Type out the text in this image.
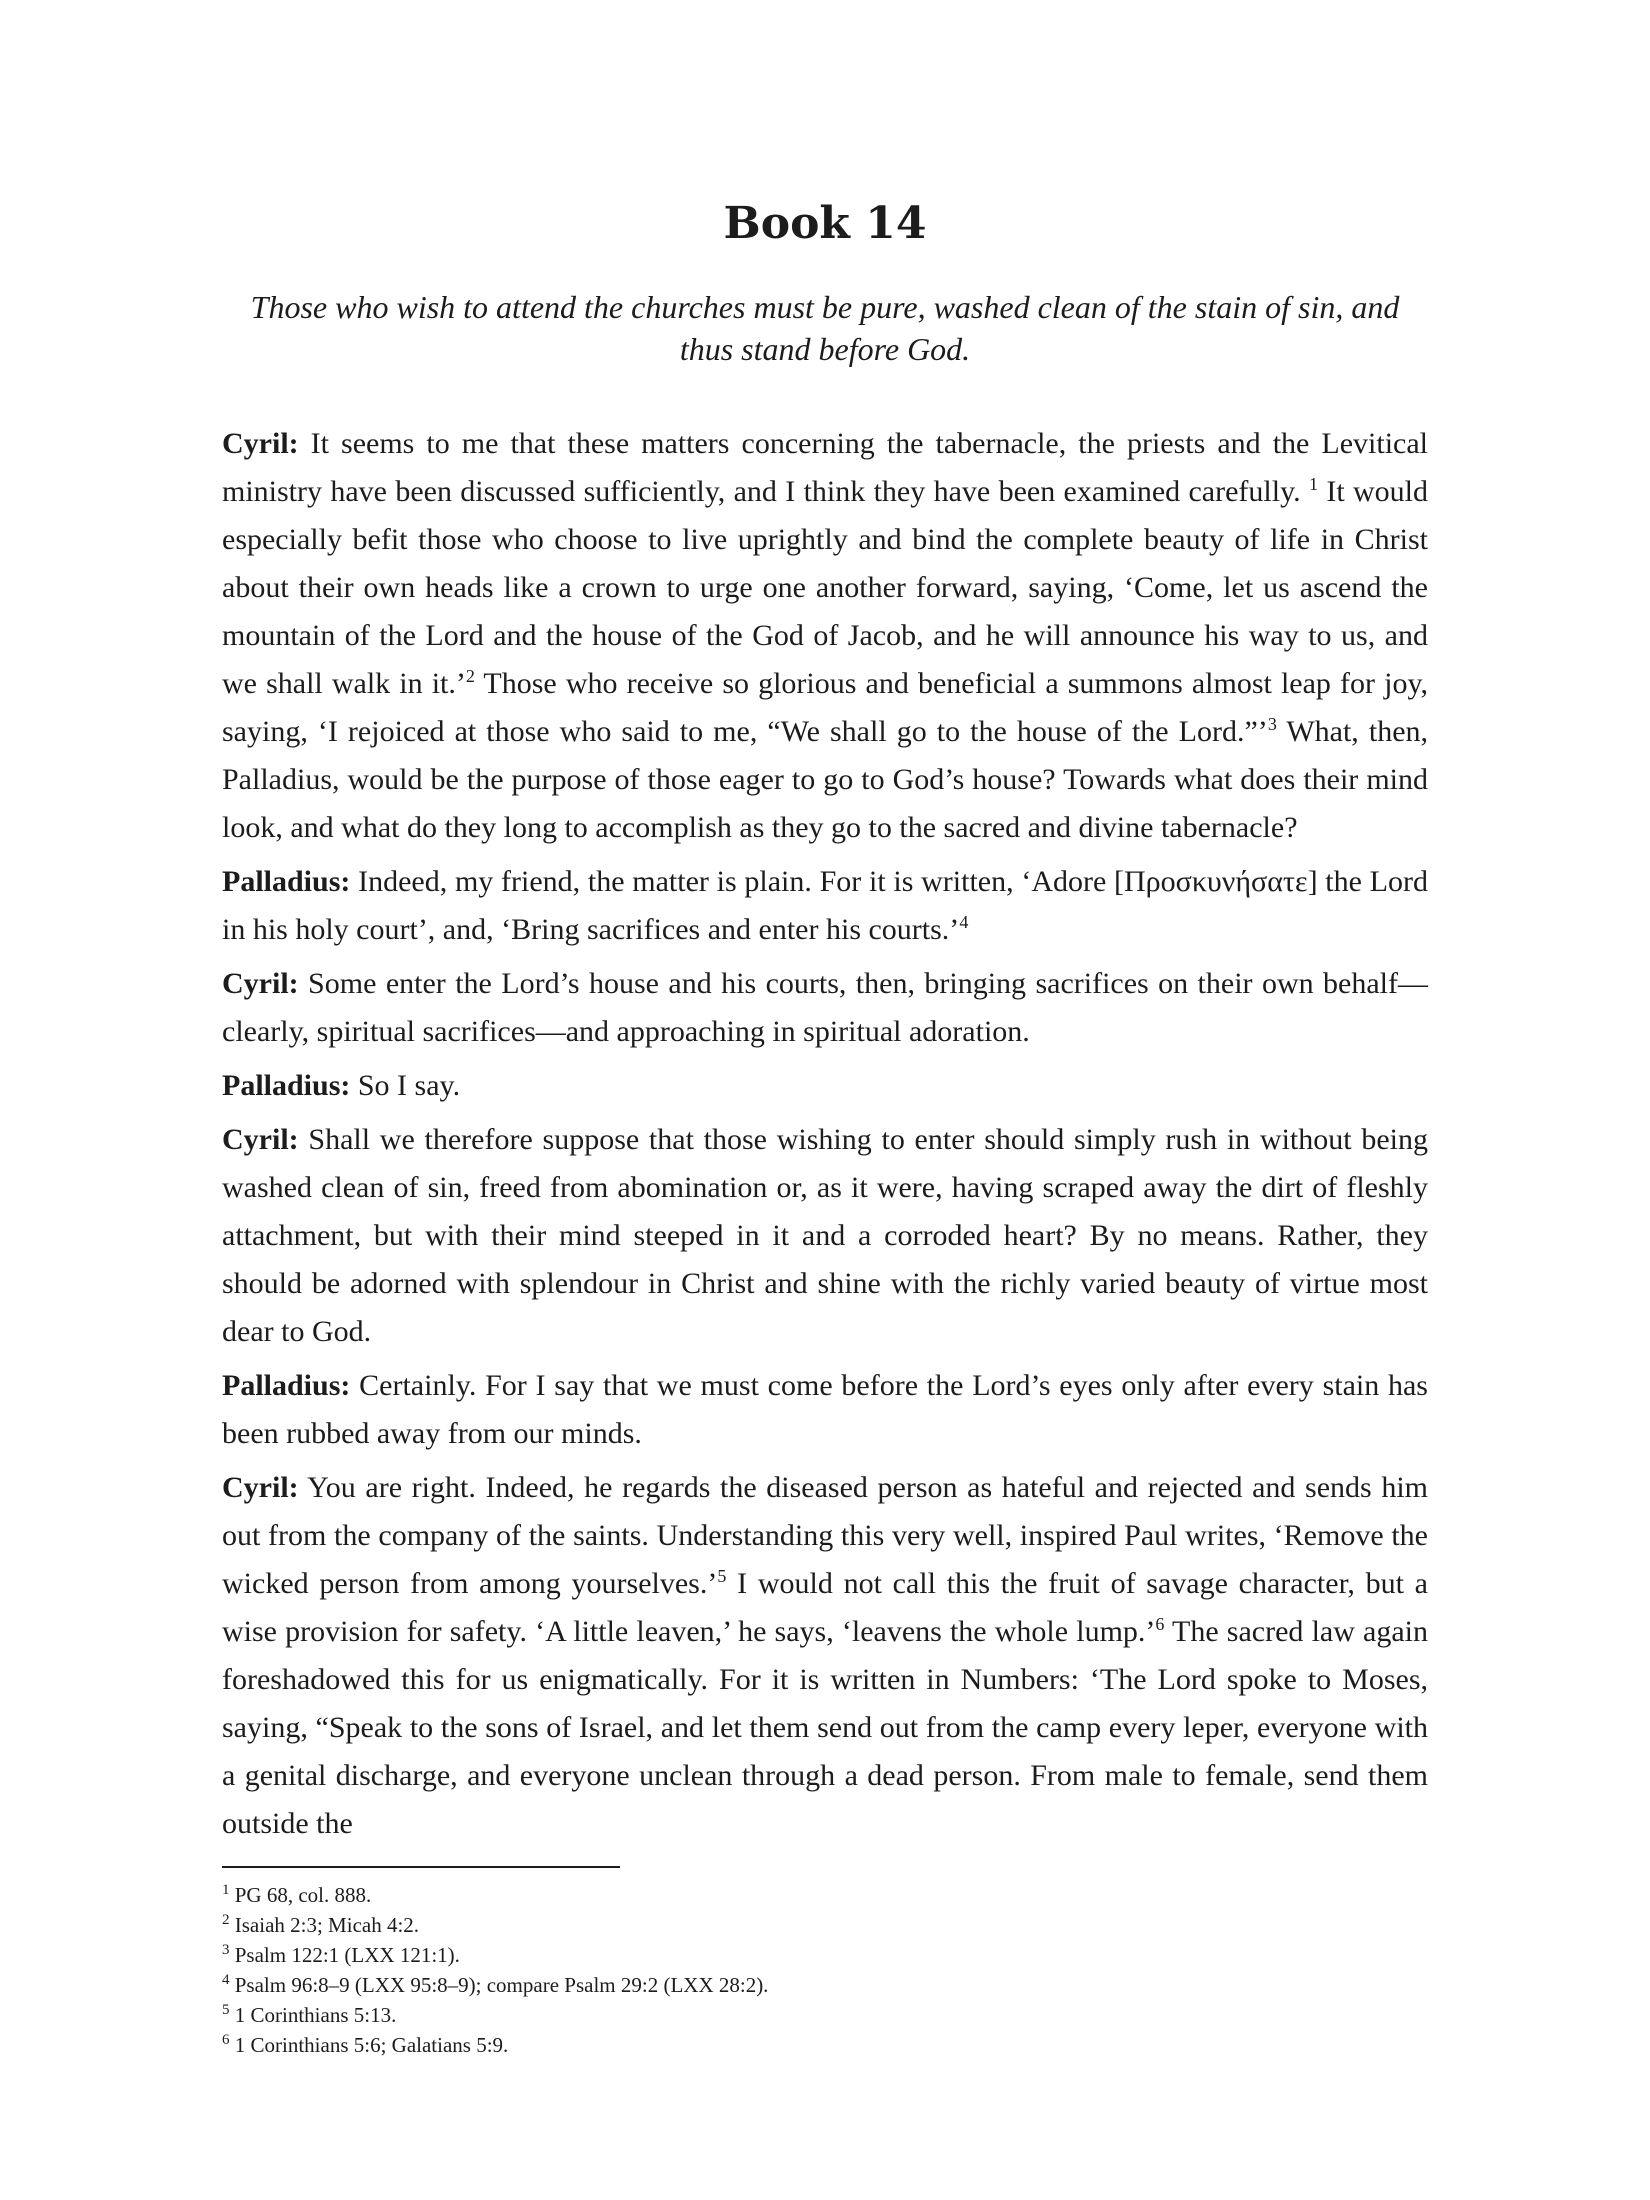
Book 14

Those who wish to attend the churches must be pure, washed clean of the stain of sin, and thus stand before God.

Cyril: It seems to me that these matters concerning the tabernacle, the priests and the Levitical ministry have been discussed sufficiently, and I think they have been examined carefully. $^1$ It would especially befit those who choose to live uprightly and bind the complete beauty of life in Christ about their own heads like a crown to urge one another forward, saying, ‘Come, let us ascend the mountain of the Lord and the house of the God of Jacob, and he will announce his way to us, and we shall walk in it.’$^2$ Those who receive so glorious and beneficial a summons almost leap for joy, saying, ‘I rejoiced at those who said to me, “We shall go to the house of the Lord.”’$^3$ What, then, Palladius, would be the purpose of those eager to go to God’s house? Towards what does their mind look, and what do they long to accomplish as they go to the sacred and divine tabernacle?

Palladius: Indeed, my friend, the matter is plain. For it is written, ‘Adore [Προσκυνήσατε] the Lord in his holy court’, and, ‘Bring sacrifices and enter his courts.’$^4$

Cyril: Some enter the Lord’s house and his courts, then, bringing sacrifices on their own behalf—clearly, spiritual sacrifices—and approaching in spiritual adoration.

Palladius: So I say.

Cyril: Shall we therefore suppose that those wishing to enter should simply rush in without being washed clean of sin, freed from abomination or, as it were, having scraped away the dirt of fleshly attachment, but with their mind steeped in it and a corroded heart? By no means. Rather, they should be adorned with splendour in Christ and shine with the richly varied beauty of virtue most dear to God.

Palladius: Certainly. For I say that we must come before the Lord’s eyes only after every stain has been rubbed away from our minds.

Cyril: You are right. Indeed, he regards the diseased person as hateful and rejected and sends him out from the company of the saints. Understanding this very well, inspired Paul writes, ‘Remove the wicked person from among yourselves.’$^5$ I would not call this the fruit of savage character, but a wise provision for safety. ‘A little leaven,’ he says, ‘leavens the whole lump.’$^6$ The sacred law again foreshadowed this for us enigmatically. For it is written in Numbers: ‘The Lord spoke to Moses, saying, “Speak to the sons of Israel, and let them send out from the camp every leper, everyone with a genital discharge, and everyone unclean through a dead person. From male to female, send them outside the

$^1$ PG 68, col. 888.

$^2$ Isaiah 2:3; Micah 4:2.

$^3$ Psalm 122:1 (LXX 121:1).

$^4$ Psalm 96:8–9 (LXX 95:8–9); compare Psalm 29:2 (LXX 28:2).

$^5$ 1 Corinthians 5:13.

$^6$ 1 Corinthians 5:6; Galatians 5:9.
